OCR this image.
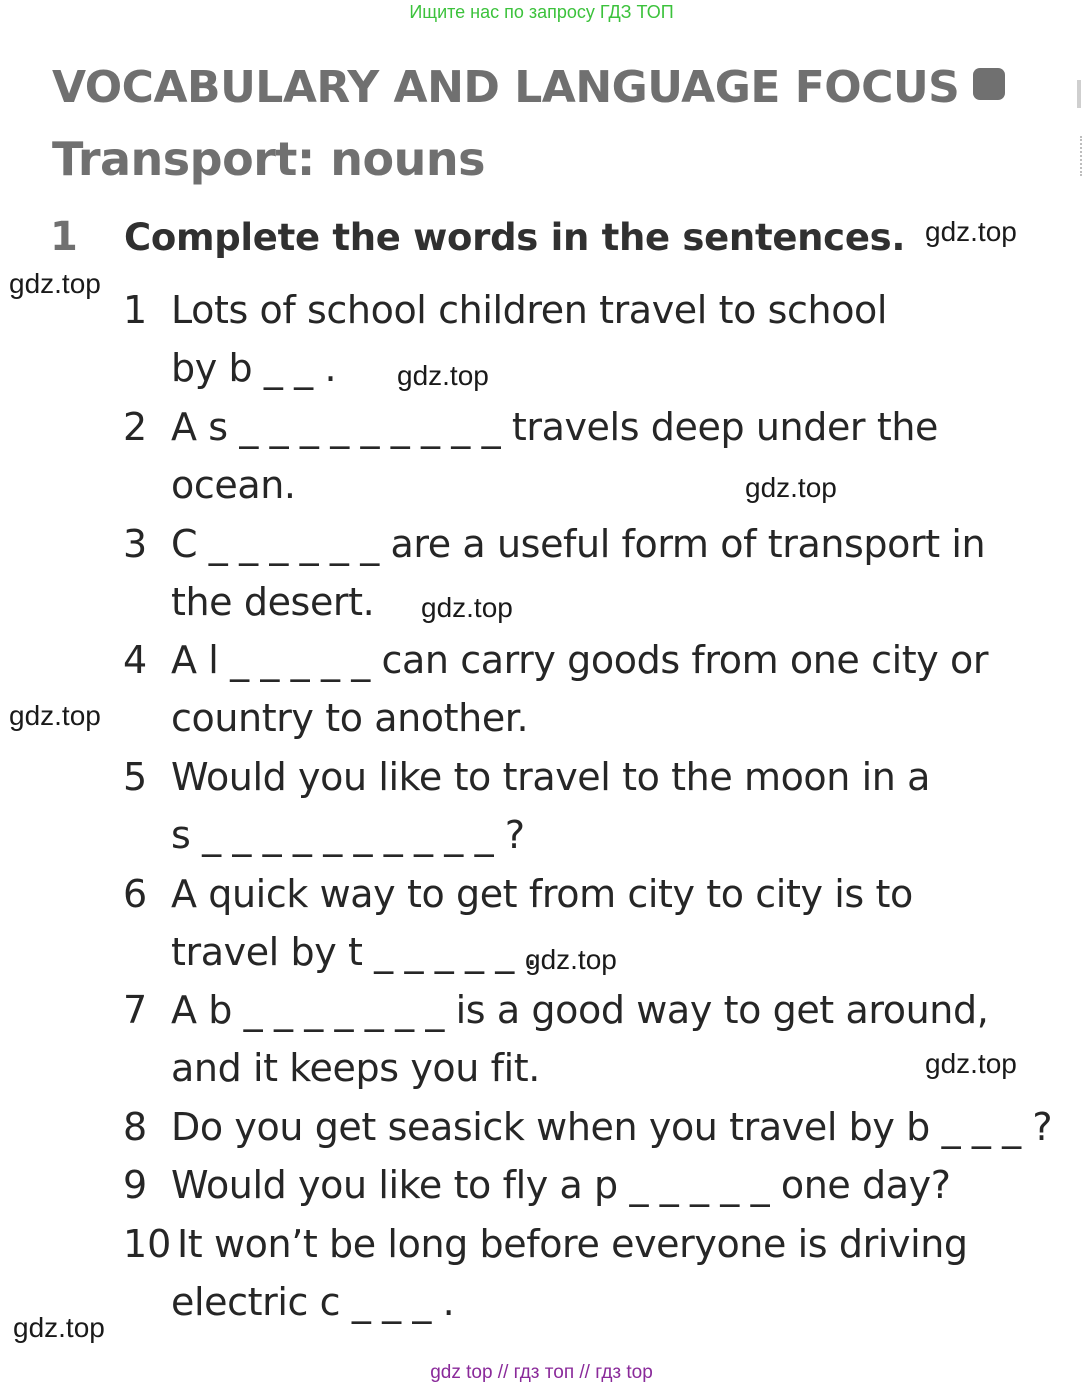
Ищите нас по запросу ГДЗ ТОП
VOCABULARY AND LANGUAGE FOCUS
Transport: nouns
1 Complete the words in the sentences.
1 Lots of school children travel to school
by b _ _ .
2 A s _ _ _ _ _ _ _ _ _ travels deep under the
ocean.
3 C _ _ _ _ _ _ are a useful form of transport in
the desert.
4 A l _ _ _ _ _ can carry goods from one city or
country to another.
5 Would you like to travel to the moon in a
s _ _ _ _ _ _ _ _ _ _ ?
6 A quick way to get from city to city is to
travel by t _ _ _ _ _ .
7 A b _ _ _ _ _ _ _ is a good way to get around,
and it keeps you fit.
8 Do you get seasick when you travel by b _ _ _ ?
9 Would you like to fly a p _ _ _ _ _ one day?
10 It won’t be long before everyone is driving
electric c _ _ _ .
gdz.top
gdz.top
gdz.top
gdz.top
gdz.top
gdz.top
gdz.top
gdz.top
gdz.top
gdz top // гдз топ // гдз top
